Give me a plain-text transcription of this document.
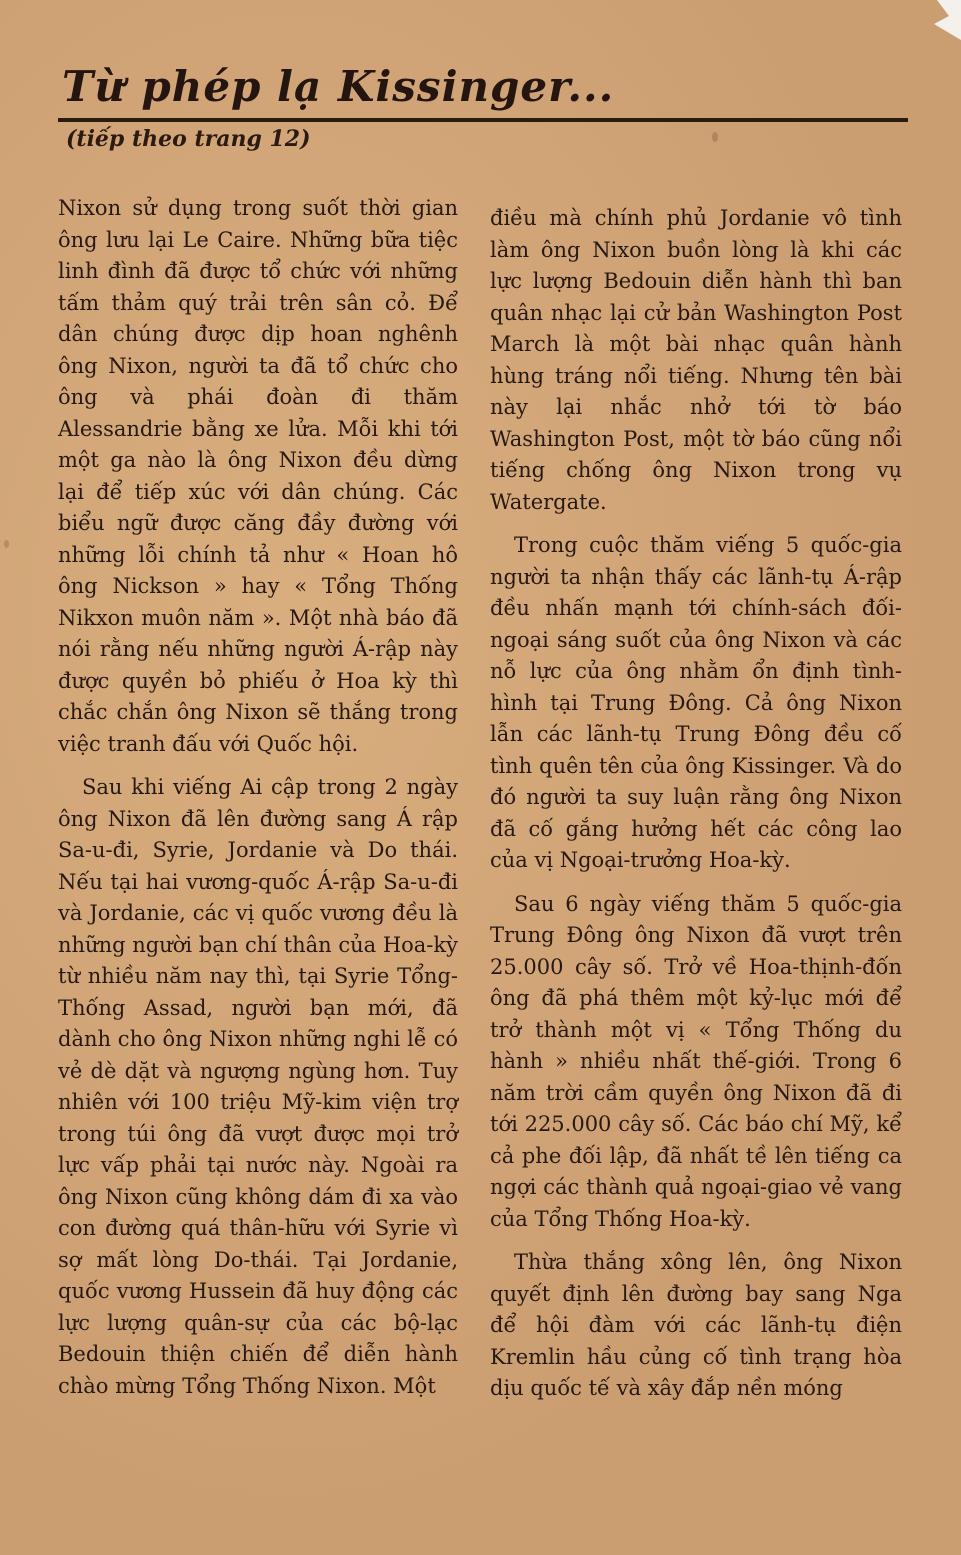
Từ phép lạ Kissinger...
(tiếp theo trang 12)

Nixon sử dụng trong suốt thời gian ông lưu lại Le Caire. Những bữa tiệc linh đình đã được tổ chức với những tấm thảm quý trải trên sân cỏ. Để dân chúng được dịp hoan nghênh ông Nixon, người ta đã tổ chức cho ông và phái đoàn đi thăm Alessandrie bằng xe lửa. Mỗi khi tới một ga nào là ông Nixon đều dừng lại để tiếp xúc với dân chúng. Các biểu ngữ được căng đầy đường với những lỗi chính tả như « Hoan hô ông Nickson » hay « Tổng Thống Nikxon muôn năm ». Một nhà báo đã nói rằng nếu những người Á-rập này được quyền bỏ phiếu ở Hoa kỳ thì chắc chắn ông Nixon sẽ thắng trong việc tranh đấu với Quốc hội.

Sau khi viếng Ai cập trong 2 ngày ông Nixon đã lên đường sang Á rập Sa-u-đi, Syrie, Jordanie và Do thái. Nếu tại hai vương-quốc Á-rập Sa-u-đi và Jordanie, các vị quốc vương đều là những người bạn chí thân của Hoa-kỳ từ nhiều năm nay thì, tại Syrie Tổng-Thống Assad, người bạn mới, đã dành cho ông Nixon những nghi lễ có vẻ dè dặt và ngượng ngùng hơn. Tuy nhiên với 100 triệu Mỹ-kim viện trợ trong túi ông đã vượt được mọi trở lực vấp phải tại nước này. Ngoài ra ông Nixon cũng không dám đi xa vào con đường quá thân-hữu với Syrie vì sợ mất lòng Do-thái. Tại Jordanie, quốc vương Hussein đã huy động các lực lượng quân-sự của các bộ-lạc Bedouin thiện chiến để diễn hành chào mừng Tổng Thống Nixon. Một

điều mà chính phủ Jordanie vô tình làm ông Nixon buồn lòng là khi các lực lượng Bedouin diễn hành thì ban quân nhạc lại cử bản Washington Post March là một bài nhạc quân hành hùng tráng nổi tiếng. Nhưng tên bài này lại nhắc nhở tới tờ báo Washington Post, một tờ báo cũng nổi tiếng chống ông Nixon trong vụ Watergate.

Trong cuộc thăm viếng 5 quốc-gia người ta nhận thấy các lãnh-tụ Á-rập đều nhấn mạnh tới chính-sách đối-ngoại sáng suốt của ông Nixon và các nỗ lực của ông nhằm ổn định tình-hình tại Trung Đông. Cả ông Nixon lẫn các lãnh-tụ Trung Đông đều cố tình quên tên của ông Kissinger. Và do đó người ta suy luận rằng ông Nixon đã cố gắng hưởng hết các công lao của vị Ngoại-trưởng Hoa-kỳ.

Sau 6 ngày viếng thăm 5 quốc-gia Trung Đông ông Nixon đã vượt trên 25.000 cây số. Trở về Hoa-thịnh-đốn ông đã phá thêm một kỷ-lục mới để trở thành một vị « Tổng Thống du hành » nhiều nhất thế-giới. Trong 6 năm trời cầm quyền ông Nixon đã đi tới 225.000 cây số. Các báo chí Mỹ, kể cả phe đối lập, đã nhất tề lên tiếng ca ngợi các thành quả ngoại-giao vẻ vang của Tổng Thống Hoa-kỳ.

Thừa thắng xông lên, ông Nixon quyết định lên đường bay sang Nga để hội đàm với các lãnh-tụ điện Kremlin hầu củng cố tình trạng hòa dịu quốc tế và xây đắp nền móng
